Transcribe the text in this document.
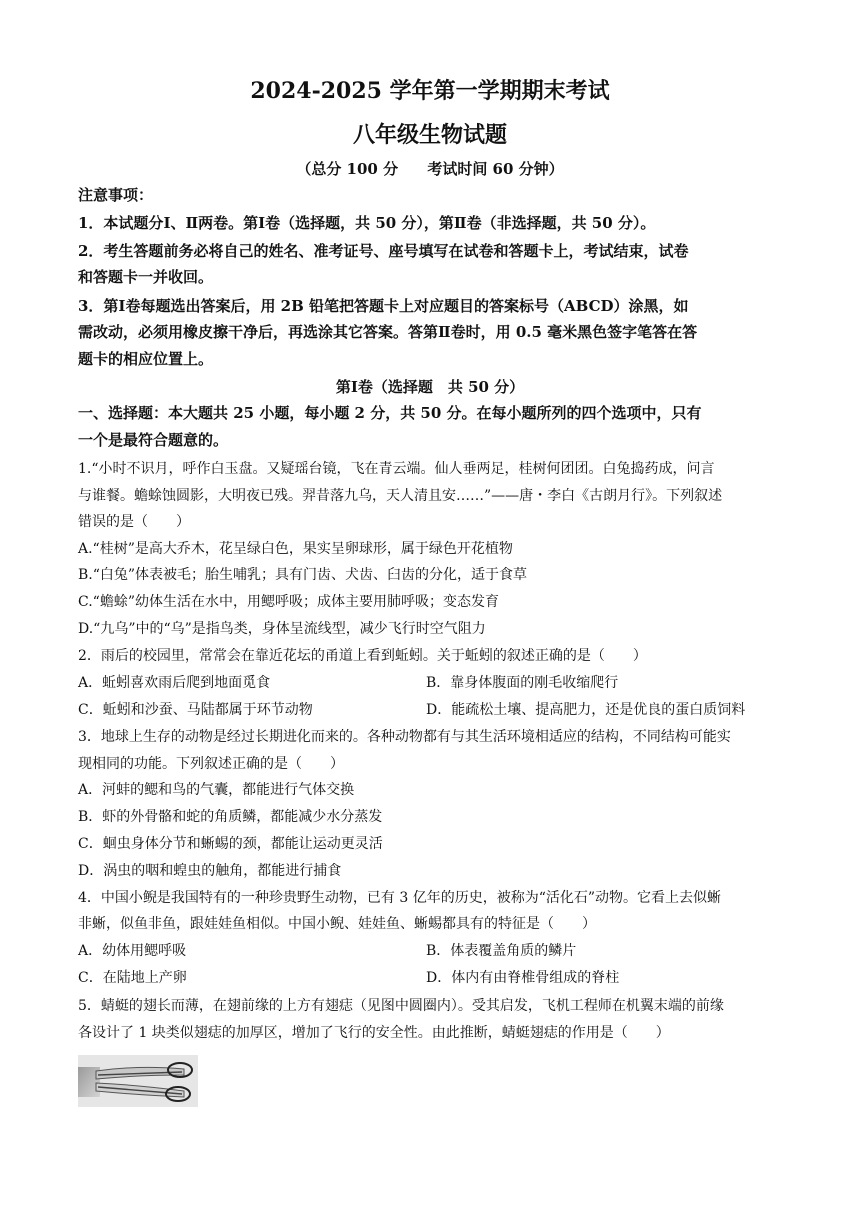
2024-2025 学年第一学期期末考试
八年级生物试题
（总分 100 分 考试时间 60 分钟）
注意事项：
1．本试题分Ⅰ、Ⅱ两卷。第Ⅰ卷（选择题，共 50 分），第Ⅱ卷（非选择题，共 50 分）。
2．考生答题前务必将自己的姓名、准考证号、座号填写在试卷和答题卡上，考试结束，试卷
和答题卡一并收回。
3．第Ⅰ卷每题选出答案后，用 2B 铅笔把答题卡上对应题目的答案标号（ABCD）涂黑，如
需改动，必须用橡皮擦干净后，再选涂其它答案。答第Ⅱ卷时，用 0.5 毫米黑色签字笔答在答
题卡的相应位置上。
第Ⅰ卷（选择题　共 50 分）
一、选择题：本大题共 25 小题，每小题 2 分，共 50 分。在每小题所列的四个选项中，只有
一个是最符合题意的。
1.“小时不识月，呼作白玉盘。又疑瑶台镜，飞在青云端。仙人垂两足，桂树何团团。白兔捣药成，问言
与谁餐。蟾蜍蚀圆影，大明夜已残。羿昔落九乌，天人清且安……”——唐・李白《古朗月行》。下列叙述
错误的是（　　）
A.“桂树”是高大乔木，花呈绿白色，果实呈卵球形，属于绿色开花植物
B.“白兔”体表被毛；胎生哺乳；具有门齿、犬齿、臼齿的分化，适于食草
C.“蟾蜍”幼体生活在水中，用鳃呼吸；成体主要用肺呼吸；变态发育
D.“九乌”中的“乌”是指鸟类，身体呈流线型，减少飞行时空气阻力
2．雨后的校园里，常常会在靠近花坛的甬道上看到蚯蚓。关于蚯蚓的叙述正确的是（　　）
A．蚯蚓喜欢雨后爬到地面觅食	B．靠身体腹面的刚毛收缩爬行
C．蚯蚓和沙蚕、马陆都属于环节动物	D．能疏松土壤、提高肥力，还是优良的蛋白质饲料
3．地球上生存的动物是经过长期进化而来的。各种动物都有与其生活环境相适应的结构，不同结构可能实
现相同的功能。下列叙述正确的是（　　）
A．河蚌的鳃和鸟的气囊，都能进行气体交换
B．虾的外骨骼和蛇的角质鳞，都能减少水分蒸发
C．蛔虫身体分节和蜥蜴的颈，都能让运动更灵活
D．涡虫的咽和蝗虫的触角，都能进行捕食
4．中国小鲵是我国特有的一种珍贵野生动物，已有 3 亿年的历史，被称为“活化石”动物。它看上去似蜥
非蜥，似鱼非鱼，跟娃娃鱼相似。中国小鲵、娃娃鱼、蜥蜴都具有的特征是（　　）
A．幼体用鳃呼吸	B．体表覆盖角质的鳞片
C．在陆地上产卵	D．体内有由脊椎骨组成的脊柱
5．蜻蜓的翅长而薄，在翅前缘的上方有翅痣（见图中圆圈内）。受其启发，飞机工程师在机翼末端的前缘
各设计了 1 块类似翅痣的加厚区，增加了飞行的安全性。由此推断，蜻蜓翅痣的作用是（　　）
